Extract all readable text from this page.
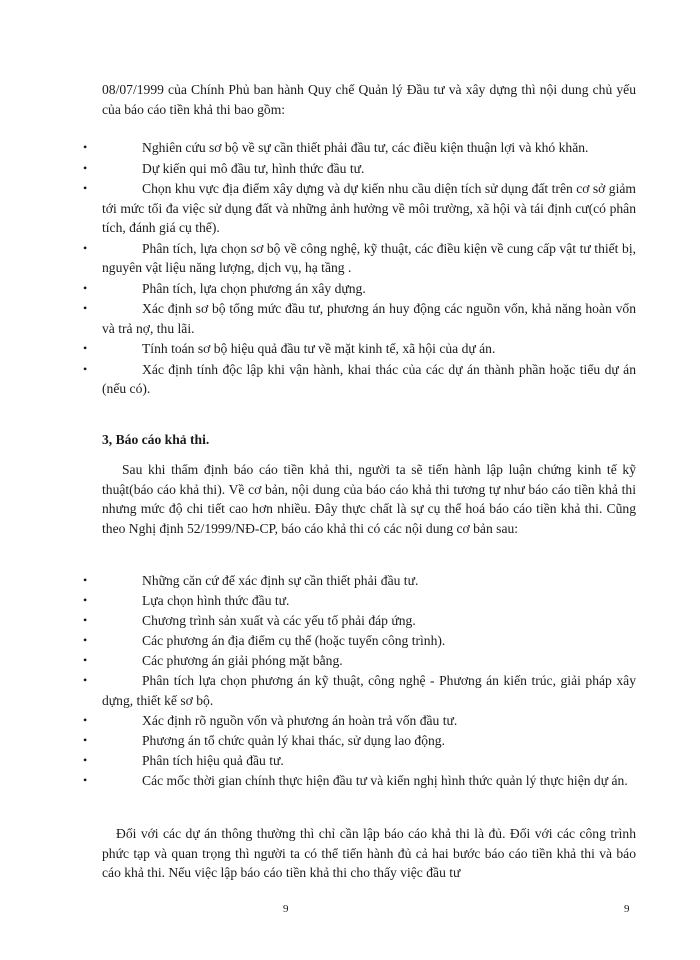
08/07/1999 của Chính Phủ ban hành Quy chế Quản lý Đầu tư và xây dựng thì nội dung chủ yếu của báo cáo tiền khả thi bao gồm:

•	Nghiên cứu sơ bộ về sự cần thiết phải đầu tư, các điều kiện thuận lợi và khó khăn.
•	Dự kiến qui mô đầu tư, hình thức đầu tư.
•	Chọn khu vực địa điểm xây dựng và dự kiến nhu cầu diện tích sử dụng đất trên cơ sở giảm tới mức tối đa việc sử dụng đất và những ảnh hưởng về môi trường, xã hội và tái định cư(có phân tích, đánh giá cụ thể).
•	Phân tích, lựa chọn sơ bộ về công nghệ, kỹ thuật, các điều kiện về cung cấp vật tư thiết bị, nguyên vật liệu năng lượng, dịch vụ, hạ tầng .
•	Phân tích, lựa chọn phương án xây dựng.
•	Xác định sơ bộ tổng mức đầu tư, phương án huy động các nguồn vốn, khả năng hoàn vốn và trả nợ, thu lãi.
•	Tính toán sơ bộ hiệu quả đầu tư về mặt kinh tế, xã hội của dự án.
•	Xác định tính độc lập khi vận hành, khai thác của các dự án thành phần hoặc tiểu dự án (nếu có).

3, Báo cáo khả thi.

Sau khi thẩm định báo cáo tiền khả thi, người ta sẽ tiến hành lập luận chứng kinh tế kỹ thuật(báo cáo khả thi). Về cơ bản, nội dung của báo cáo khả thi tương tự như báo cáo tiền khả thi nhưng mức độ chi tiết cao hơn nhiều. Đây thực chất là sự cụ thể hoá báo cáo tiền khả thi. Cũng theo Nghị định 52/1999/NĐ-CP, báo cáo khả thi có các nội dung cơ bản sau:

•	Những căn cứ để xác định sự cần thiết phải đầu tư.
•	Lựa chọn hình thức đầu tư.
•	Chương trình sản xuất và các yếu tố phải đáp ứng.
•	Các phương án địa điểm cụ thể (hoặc tuyến công trình).
•	Các phương án giải phóng mặt bằng.
•	Phân tích lựa chọn phương án kỹ thuật, công nghệ - Phương án kiến trúc, giải pháp xây dựng, thiết kế sơ bộ.
•	Xác định rõ nguồn vốn và phương án hoàn trả vốn đầu tư.
•	Phương án tổ chức quản lý khai thác, sử dụng lao động.
•	Phân tích hiệu quả đầu tư.
•	Các mốc thời gian chính thực hiện đầu tư và kiến nghị hình thức quản lý thực hiện dự án.

Đối với các dự án thông thường thì chỉ cần lập báo cáo khả thi là đủ. Đối với các công trình phức tạp và quan trọng thì người ta có thể tiến hành đủ cả hai bước báo cáo tiền khả thi và báo cáo khả thi. Nếu việc lập báo cáo tiền khả thi cho thấy việc đầu tư

9	9
